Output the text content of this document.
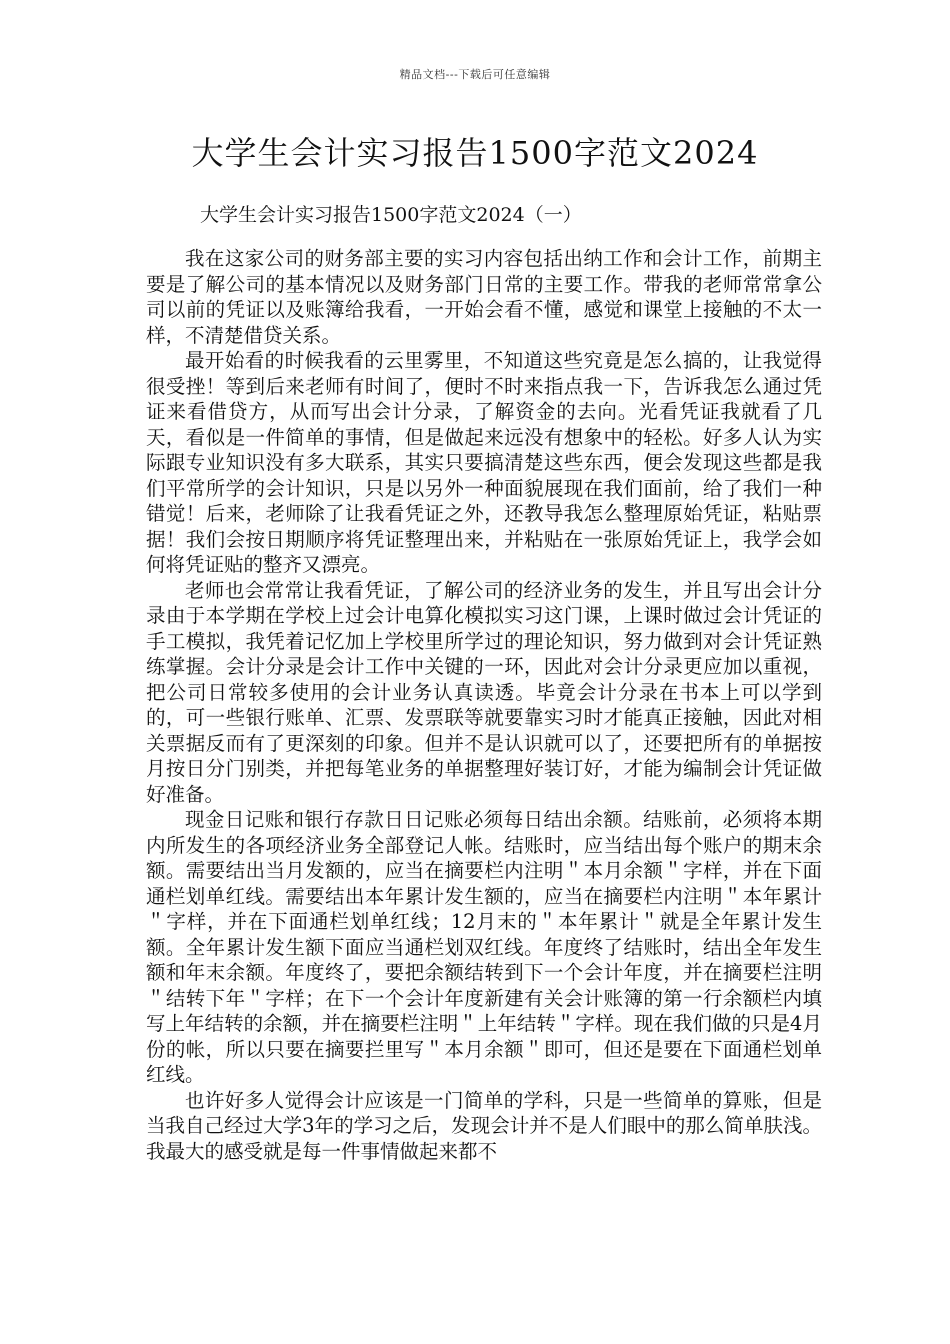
精品文档---下载后可任意编辑
大学生会计实习报告1500字范文2024
大学生会计实习报告1500字范文2024（一）

我在这家公司的财务部主要的实习内容包括出纳工作和会计工作，前期主要是了解公司的基本情况以及财务部门日常的主要工作。带我的老师常常拿公司以前的凭证以及账簿给我看，一开始会看不懂，感觉和课堂上接触的不太一样，不清楚借贷关系。

最开始看的时候我看的云里雾里，不知道这些究竟是怎么搞的，让我觉得很受挫！等到后来老师有时间了，便时不时来指点我一下，告诉我怎么通过凭证来看借贷方，从而写出会计分录，了解资金的去向。光看凭证我就看了几天，看似是一件简单的事情，但是做起来远没有想象中的轻松。好多人认为实际跟专业知识没有多大联系，其实只要搞清楚这些东西，便会发现这些都是我们平常所学的会计知识，只是以另外一种面貌展现在我们面前，给了我们一种错觉！后来，老师除了让我看凭证之外，还教导我怎么整理原始凭证，粘贴票据！我们会按日期顺序将凭证整理出来，并粘贴在一张原始凭证上，我学会如何将凭证贴的整齐又漂亮。

老师也会常常让我看凭证，了解公司的经济业务的发生，并且写出会计分录由于本学期在学校上过会计电算化模拟实习这门课，上课时做过会计凭证的手工模拟，我凭着记忆加上学校里所学过的理论知识，努力做到对会计凭证熟练掌握。会计分录是会计工作中关键的一环，因此对会计分录更应加以重视，把公司日常较多使用的会计业务认真读透。毕竟会计分录在书本上可以学到的，可一些银行账单、汇票、发票联等就要靠实习时才能真正接触，因此对相关票据反而有了更深刻的印象。但并不是认识就可以了，还要把所有的单据按月按日分门别类，并把每笔业务的单据整理好装订好，才能为编制会计凭证做好准备。

现金日记账和银行存款日日记账必须每日结出余额。结账前，必须将本期内所发生的各项经济业务全部登记人帐。结账时，应当结出每个账户的期末余额。需要结出当月发额的，应当在摘要栏内注明＂本月余额＂字样，并在下面通栏划单红线。需要结出本年累计发生额的，应当在摘要栏内注明＂本年累计＂字样，并在下面通栏划单红线；12月末的＂本年累计＂就是全年累计发生额。全年累计发生额下面应当通栏划双红线。年度终了结账时，结出全年发生额和年末余额。年度终了，要把余额结转到下一个会计年度，并在摘要栏注明＂结转下年＂字样；在下一个会计年度新建有关会计账簿的第一行余额栏内填写上年结转的余额，并在摘要栏注明＂上年结转＂字样。现在我们做的只是4月份的帐，所以只要在摘要拦里写＂本月余额＂即可，但还是要在下面通栏划单红线。

也许好多人觉得会计应该是一门简单的学科，只是一些简单的算账，但是当我自己经过大学3年的学习之后，发现会计并不是人们眼中的那么简单肤浅。我最大的感受就是每一件事情做起来都不
